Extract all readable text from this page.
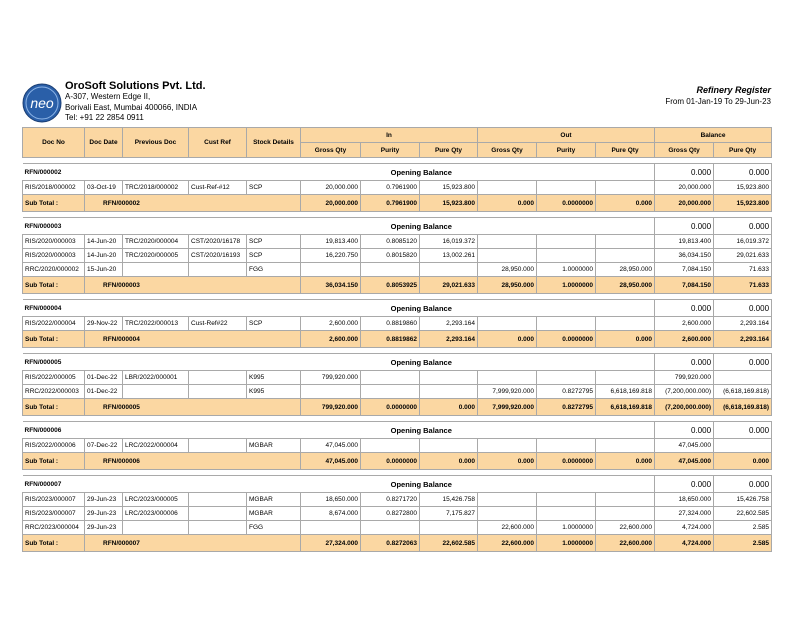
neo
OroSoft Solutions Pvt. Ltd.
A-307, Western Edge II,
Borivali East, Mumbai 400066, INDIA
Tel: +91 22 2854 0911
Refinery Register
From 01-Jan-19 To 29-Jun-23
Doc No	Doc Date	Previous Doc	Cust Ref	Stock Details	In			Out			Balance	
					Gross Qty	Purity	Pure Qty	Gross Qty	Purity	Pure Qty	Gross Qty	Pure Qty

RFN/000002			Opening Balance								0.000	0.000
RIS/2018/000002	03-Oct-19	TRC/2018/000002	Cust-Ref-#12	SCP	20,000.000	0.7961900	15,923.800				20,000.000	15,923.800
Sub Total :	RFN/000002				20,000.000	0.7961900	15,923.800	0.000	0.0000000	0.000	20,000.000	15,923.800

RFN/000003			Opening Balance								0.000	0.000
RIS/2020/000003	14-Jun-20	TRC/2020/000004	CST/2020/16178	SCP	19,813.400	0.8085120	16,019.372				19,813.400	16,019.372
RIS/2020/000003	14-Jun-20	TRC/2020/000005	CST/2020/16193	SCP	16,220.750	0.8015820	13,002.261				36,034.150	29,021.633
RRC/2020/000002	15-Jun-20			FGG				28,950.000	1.0000000	28,950.000	7,084.150	71.633
Sub Total :	RFN/000003				36,034.150	0.8053925	29,021.633	28,950.000	1.0000000	28,950.000	7,084.150	71.633

RFN/000004			Opening Balance								0.000	0.000
RIS/2022/000004	29-Nov-22	TRC/2022/000013	Cust-Ref#22	SCP	2,600.000	0.8819860	2,293.164				2,600.000	2,293.164
Sub Total :	RFN/000004				2,600.000	0.8819862	2,293.164	0.000	0.0000000	0.000	2,600.000	2,293.164

RFN/000005			Opening Balance								0.000	0.000
RIS/2022/000005	01-Dec-22	LBR/2022/000001		K995	799,920.000						799,920.000	
RRC/2022/000003	01-Dec-22			K995				7,999,920.000	0.8272795	6,618,169.818	(7,200,000.000)	(6,618,169.818)
Sub Total :	RFN/000005				799,920.000	0.0000000	0.000	7,999,920.000	0.8272795	6,618,169.818	(7,200,000.000)	(6,618,169.818)

RFN/000006			Opening Balance								0.000	0.000
RIS/2022/000006	07-Dec-22	LRC/2022/000004		MGBAR	47,045.000						47,045.000	
Sub Total :	RFN/000006				47,045.000	0.0000000	0.000	0.000	0.0000000	0.000	47,045.000	0.000

RFN/000007			Opening Balance								0.000	0.000
RIS/2023/000007	29-Jun-23	LRC/2023/000005		MGBAR	18,650.000	0.8271720	15,426.758				18,650.000	15,426.758
RIS/2023/000007	29-Jun-23	LRC/2023/000006		MGBAR	8,674.000	0.8272800	7,175.827				27,324.000	22,602.585
RRC/2023/000004	29-Jun-23			FGG				22,600.000	1.0000000	22,600.000	4,724.000	2.585
Sub Total :	RFN/000007				27,324.000	0.8272063	22,602.585	22,600.000	1.0000000	22,600.000	4,724.000	2.585
